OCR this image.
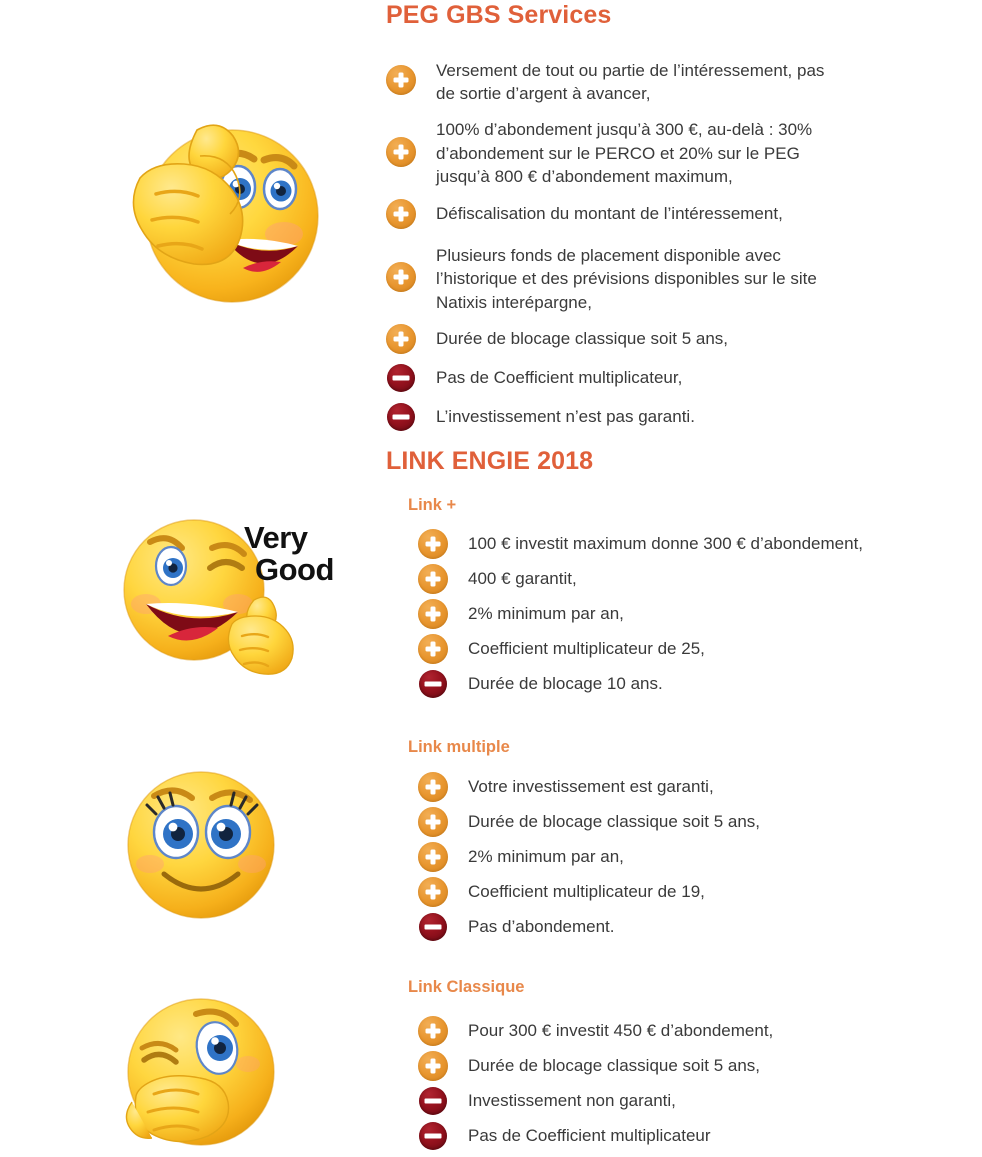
PEG GBS Services
Versement de tout ou partie de l’intéressement, pas de sortie d’argent à avancer,
100% d’abondement jusqu’à 300 €, au-delà : 30% d’abondement sur le PERCO et 20% sur le PEG jusqu’à 800 € d’abondement maximum,
Défiscalisation du montant de l’intéressement,
Plusieurs fonds de placement disponible avec l’historique et des prévisions disponibles sur le site Natixis interépargne,
Durée de blocage classique soit 5 ans,
Pas de Coefficient multiplicateur,
L’investissement n’est pas garanti.
LINK ENGIE 2018
Very
Good
Link +
100 € investit maximum donne 300 € d’abondement,
400 € garantit,
2% minimum par an,
Coefficient multiplicateur de 25,
Durée de blocage 10 ans.
Link multiple
Votre investissement est garanti,
Durée de blocage classique soit 5 ans,
2% minimum par an,
Coefficient multiplicateur de 19,
Pas d’abondement.
Link Classique
Pour 300 € investit 450 € d’abondement,
Durée de blocage classique soit 5 ans,
Investissement non garanti,
Pas de Coefficient multiplicateur
